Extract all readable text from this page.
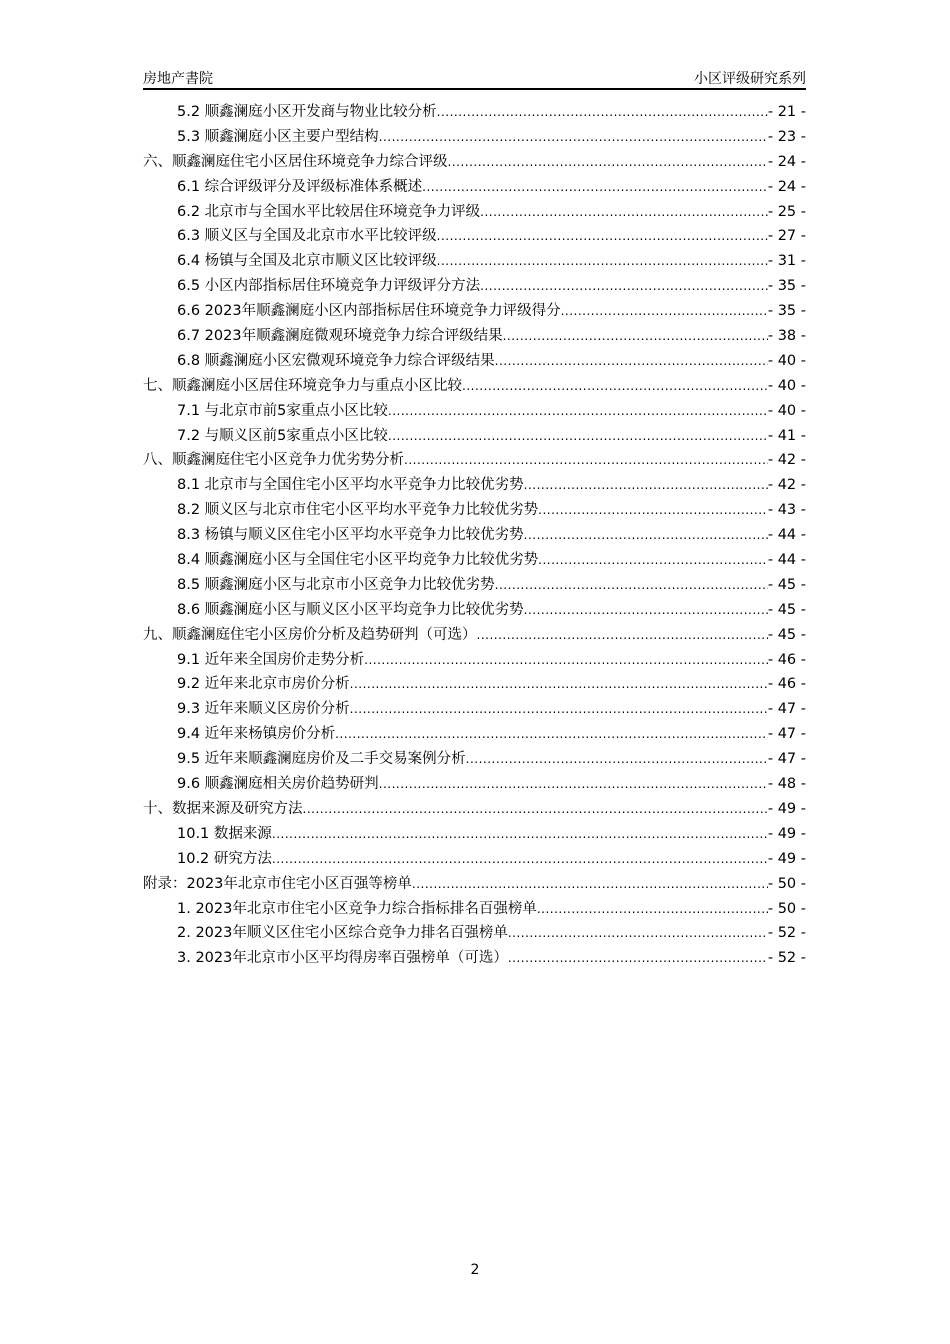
房地产書院	小区评级研究系列
5.2 顺鑫澜庭小区开发商与物业比较分析 .....	- 21 -
5.3 顺鑫澜庭小区主要户型结构 .....	- 23 -
六、顺鑫澜庭住宅小区居住环境竞争力综合评级 .....	- 24 -
6.1 综合评级评分及评级标准体系概述 .....	- 24 -
6.2 北京市与全国水平比较居住环境竞争力评级 .....	- 25 -
6.3 顺义区与全国及北京市水平比较评级 .....	- 27 -
6.4 杨镇与全国及北京市顺义区比较评级 .....	- 31 -
6.5 小区内部指标居住环境竞争力评级评分方法 .....	- 35 -
6.6 2023年顺鑫澜庭小区内部指标居住环境竞争力评级得分 .....	- 35 -
6.7 2023年顺鑫澜庭微观环境竞争力综合评级结果 .....	- 38 -
6.8 顺鑫澜庭小区宏微观环境竞争力综合评级结果 .....	- 40 -
七、顺鑫澜庭小区居住环境竞争力与重点小区比较 .....	- 40 -
7.1 与北京市前5家重点小区比较 .....	- 40 -
7.2 与顺义区前5家重点小区比较 .....	- 41 -
八、顺鑫澜庭住宅小区竞争力优劣势分析 .....	- 42 -
8.1 北京市与全国住宅小区平均水平竞争力比较优劣势 .....	- 42 -
8.2 顺义区与北京市住宅小区平均水平竞争力比较优劣势 .....	- 43 -
8.3 杨镇与顺义区住宅小区平均水平竞争力比较优劣势 .....	- 44 -
8.4 顺鑫澜庭小区与全国住宅小区平均竞争力比较优劣势 .....	- 44 -
8.5 顺鑫澜庭小区与北京市小区竞争力比较优劣势 .....	- 45 -
8.6 顺鑫澜庭小区与顺义区小区平均竞争力比较优劣势 .....	- 45 -
九、顺鑫澜庭住宅小区房价分析及趋势研判（可选） .....	- 45 -
9.1 近年来全国房价走势分析 .....	- 46 -
9.2 近年来北京市房价分析 .....	- 46 -
9.3 近年来顺义区房价分析 .....	- 47 -
9.4 近年来杨镇房价分析 .....	- 47 -
9.5 近年来顺鑫澜庭房价及二手交易案例分析 .....	- 47 -
9.6 顺鑫澜庭相关房价趋势研判 .....	- 48 -
十、数据来源及研究方法 .....	- 49 -
10.1 数据来源 .....	- 49 -
10.2 研究方法 .....	- 49 -
附录：2023年北京市住宅小区百强等榜单 .....	- 50 -
1. 2023年北京市住宅小区竞争力综合指标排名百强榜单 .....	- 50 -
2. 2023年顺义区住宅小区综合竞争力排名百强榜单 .....	- 52 -
3. 2023年北京市小区平均得房率百强榜单（可选） .....	- 52 -
2
